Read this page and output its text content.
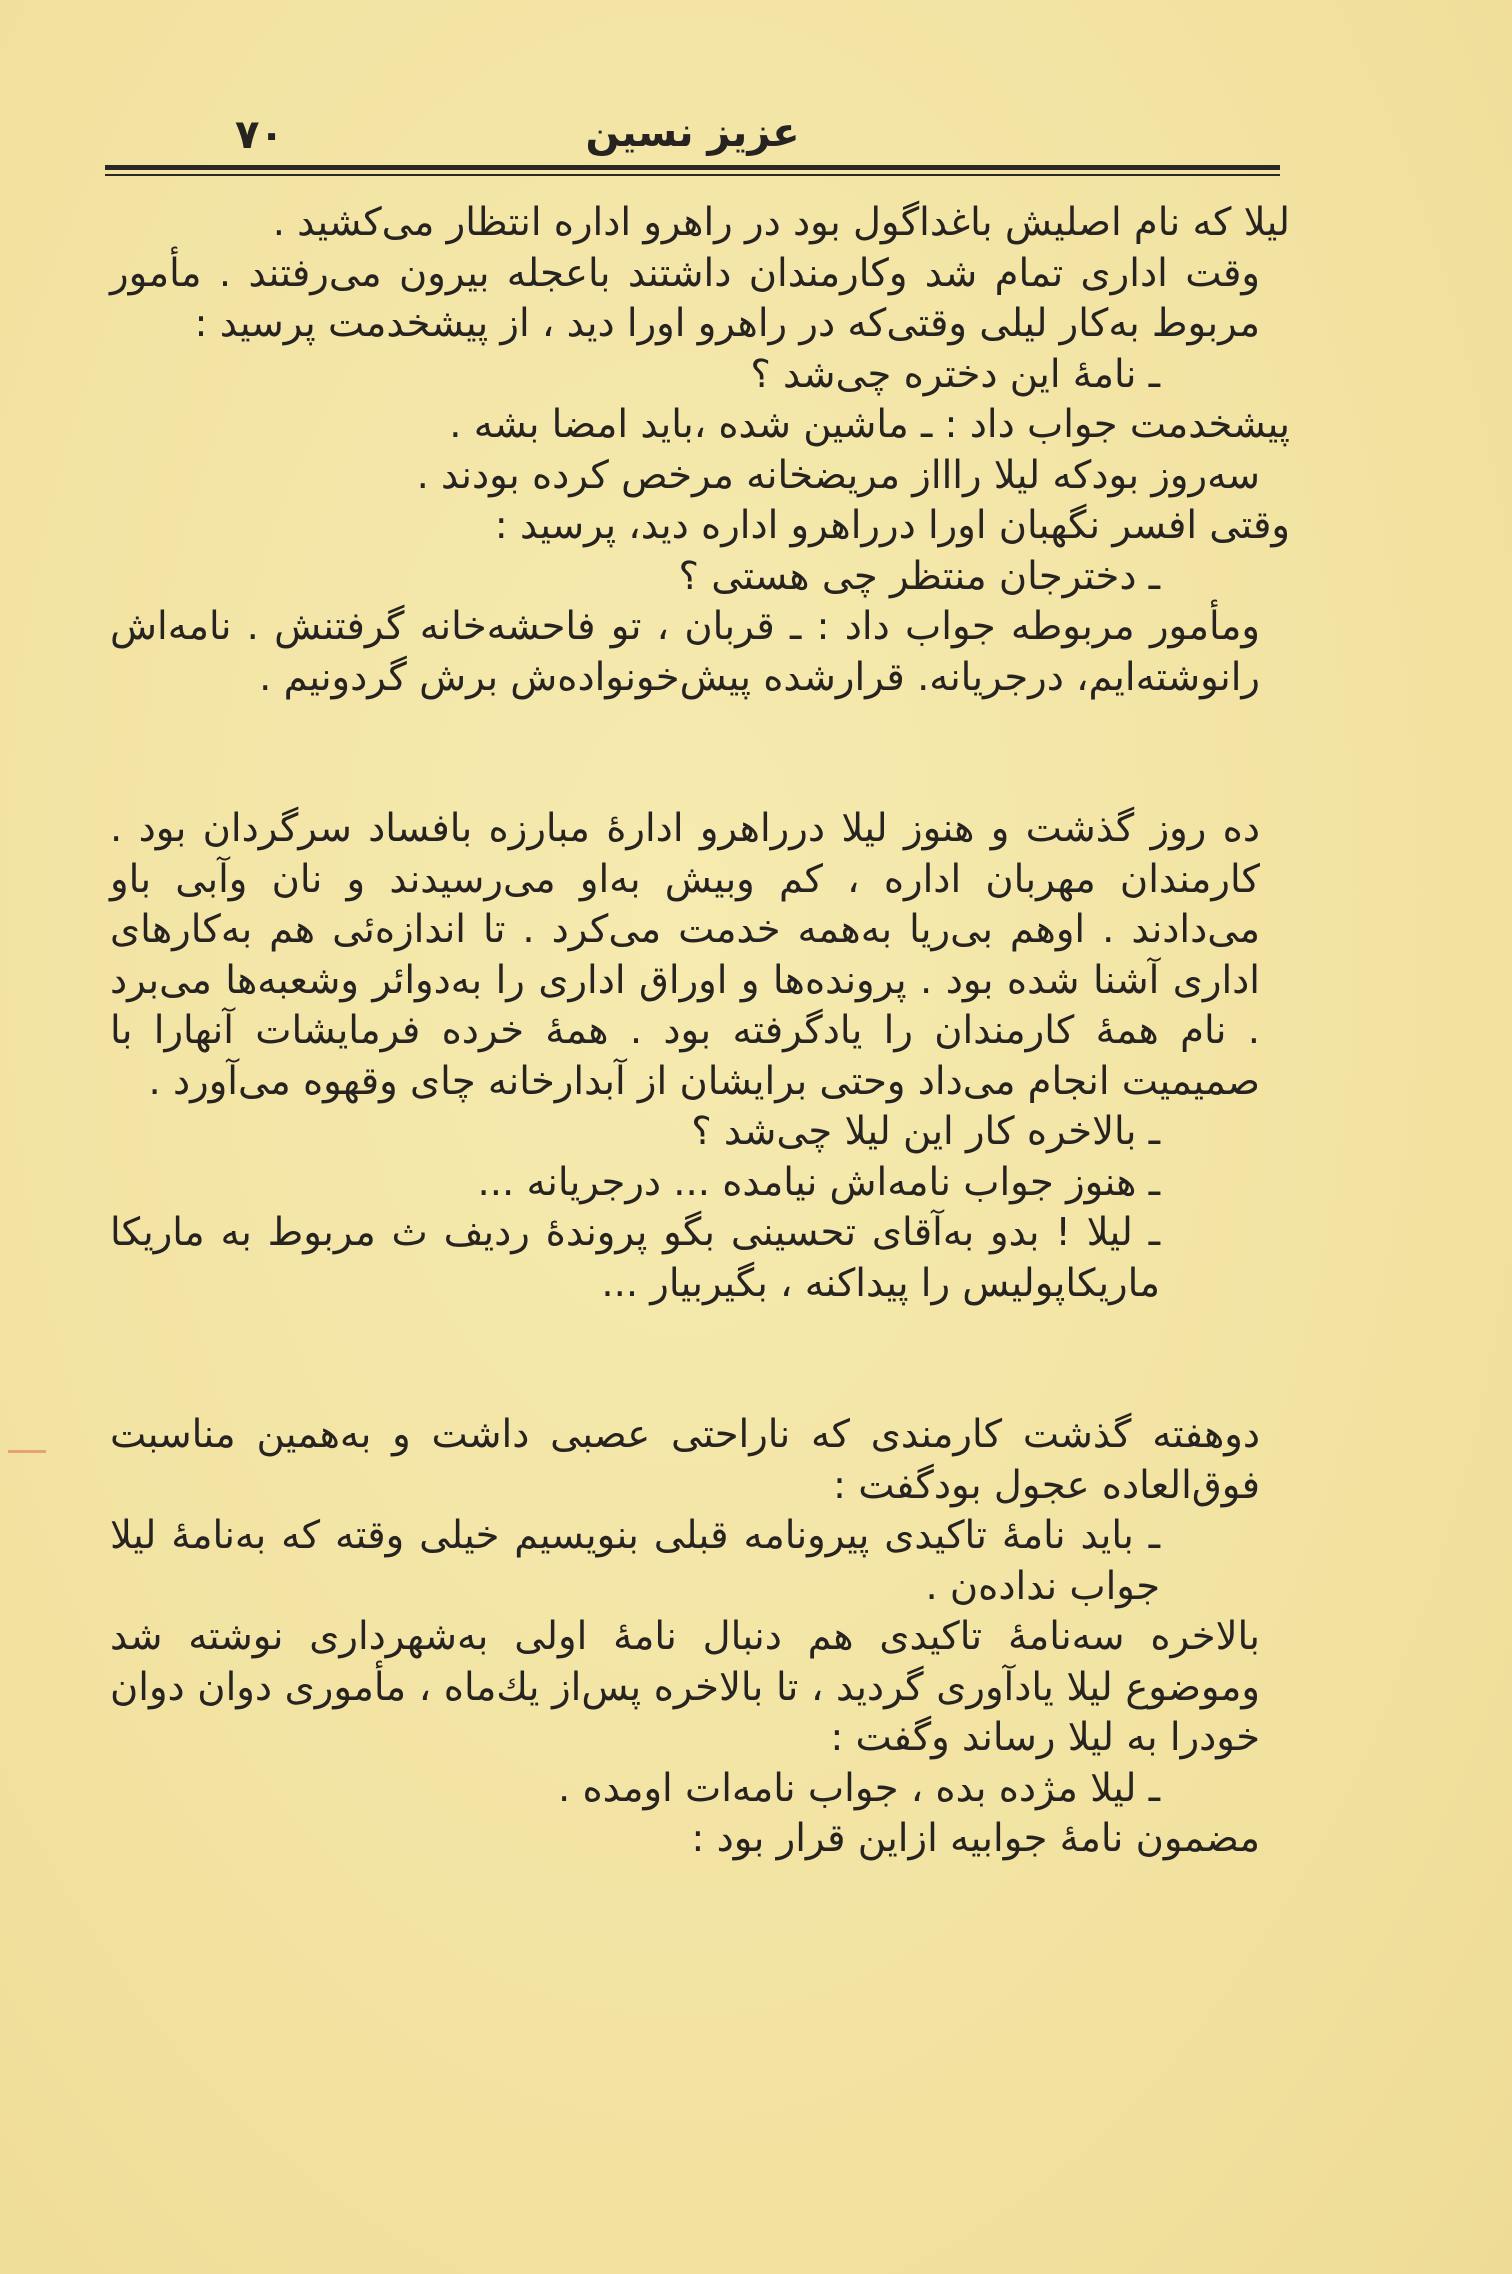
٧٠	عزیز نسین

لیلا که نام اصلیش باغداگول بود در راهرو اداره انتظار می‌کشید .

وقت اداری تمام شد وکارمندان داشتند باعجله بیرون می‌رفتند . مأمور مربوط به‌کار لیلی وقتی‌که در راهرو اورا دید ، از پیشخدمت پرسید :

ـ نامهٔ این دختره چی‌شد ؟

پیشخدمت جواب داد : ـ ماشین شده ،باید امضا بشه .

سه‌روز بودکه لیلا راااز مریضخانه مرخص کرده بودند .

وقتی افسر نگهبان اورا درراهرو اداره دید، پرسید :

ـ دخترجان منتظر چی هستی ؟

ومأمور مربوطه جواب داد : ـ قربان ، تو فاحشه‌خانه گرفتنش . نامه‌اش رانوشته‌ایم، درجریانه. قرارشده پیش‌خونواده‌ش برش گردونیم .

ده روز گذشت و هنوز لیلا درراهرو ادارهٔ مبارزه بافساد سرگردان بود . کارمندان مهربان اداره ، کم وبیش به‌او می‌رسیدند و نان وآبی باو می‌دادند . اوهم بی‌ریا به‌همه خدمت می‌کرد . تا اندازه‌ئی هم به‌کارهای اداری آشنا شده بود . پرونده‌ها و اوراق اداری را به‌دوائر وشعبه‌ها می‌برد . نام همهٔ کارمندان را یادگرفته بود . همهٔ خرده فرمایشات آنهارا با صمیمیت انجام می‌داد وحتی برایشان از آبدارخانه چای وقهوه می‌آورد .

ـ بالاخره کار این لیلا چی‌شد ؟

ـ هنوز جواب نامه‌اش نیامده ... درجریانه ...

ـ لیلا ! بدو به‌آقای تحسینی بگو پروندهٔ ردیف ث مربوط به ماریکا ماریکاپولیس را پیداکنه ، بگیربیار ...

دوهفته گذشت کارمندی که ناراحتی عصبی داشت و به‌همین مناسبت فوق‌العاده عجول بودگفت :

ـ باید نامهٔ تاکیدی پیرونامه قبلی بنویسیم خیلی وقته که به‌نامهٔ لیلا جواب نداده‌ن .

بالاخره سه‌نامهٔ تاکیدی هم دنبال نامهٔ اولی به‌شهرداری نوشته شد وموضوع لیلا یادآوری گردید ، تا بالاخره پس‌از یك‌ماه ، مأموری دوان دوان خودرا به لیلا رساند وگفت :

ـ لیلا مژده بده ، جواب نامه‌ات اومده .

مضمون نامهٔ جوابیه ازاین قرار بود :
